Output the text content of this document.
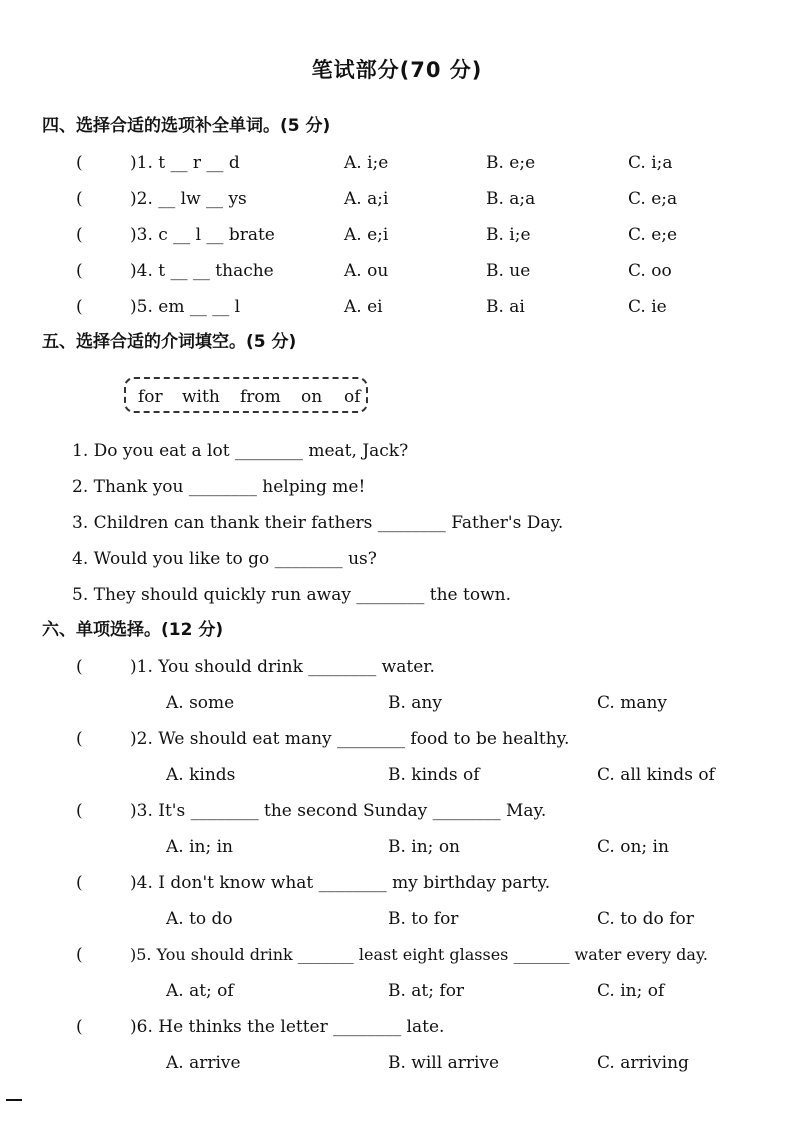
笔试部分(70 分)
四、选择合适的选项补全单词。(5 分)
(	)1. t __ r __ d	A. i;e	B. e;e	C. i;a
(	)2. __ lw __ ys	A. a;i	B. a;a	C. e;a
(	)3. c __ l __ brate	A. e;i	B. i;e	C. e;e
(	)4. t __ __ thache	A. ou	B. ue	C. oo
(	)5. em __ __ l	A. ei	B. ai	C. ie
五、选择合适的介词填空。(5 分)
for with from on of
1. Do you eat a lot ________ meat, Jack?
2. Thank you ________ helping me!
3. Children can thank their fathers ________ Father's Day.
4. Would you like to go ________ us?
5. They should quickly run away ________ the town.
六、单项选择。(12 分)
(	)1. You should drink ________ water.
A. some	B. any	C. many
(	)2. We should eat many ________ food to be healthy.
A. kinds	B. kinds of	C. all kinds of
(	)3. It's ________ the second Sunday ________ May.
A. in; in	B. in; on	C. on; in
(	)4. I don't know what ________ my birthday party.
A. to do	B. to for	C. to do for
(	)5. You should drink _______ least eight glasses _______ water every day.
A. at; of	B. at; for	C. in; of
(	)6. He thinks the letter ________ late.
A. arrive	B. will arrive	C. arriving
